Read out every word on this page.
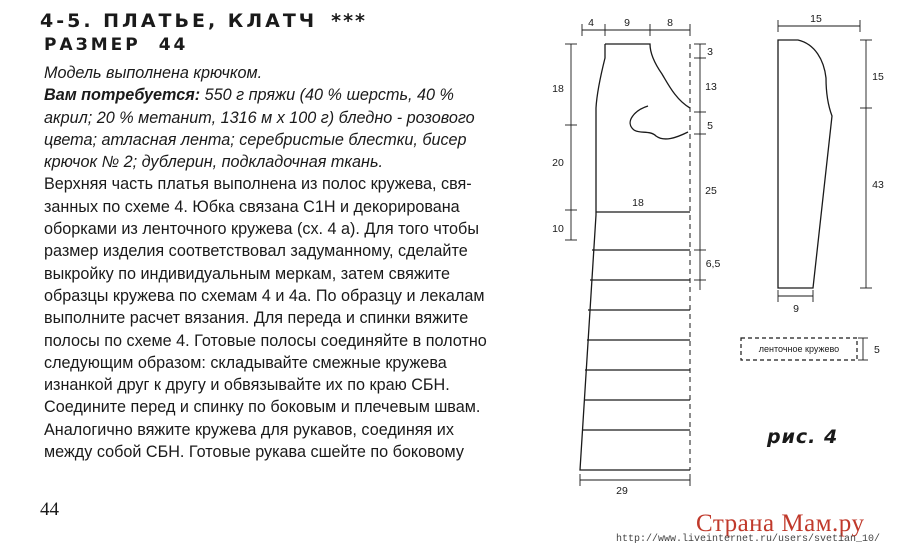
4-5. ПЛАТЬЕ, КЛАТЧ ***
РАЗМЕР 44
Модель выполнена крючком.
Вам потребуется: 550 г пряжи (40 % шерсть, 40 %
акрил; 20 % метанит, 1316 м х 100 г) бледно - розового
цвета; атласная лента; серебристые блестки, бисер
крючок № 2; дублерин, подкладочная ткань.
Верхняя часть платья выполнена из полос кружева, свя-
занных по схеме 4. Юбка связана С1Н и декорирована
оборками из ленточного кружева (сх. 4 а). Для того чтобы
размер изделия соответствовал задуманному, сделайте
выкройку по индивидуальным меркам, затем свяжите
образцы кружева по схемам 4 и 4а. По образцу и лекалам
выполните расчет вязания. Для переда и спинки вяжите
полосы по схеме 4. Готовые полосы соединяйте в полотно
следующим образом: складывайте смежные кружева
изнанкой друг к другу и обвязывайте их по краю СБН.
Соедините перед и спинку по боковым и плечевым швам.
Аналогично вяжите кружева для рукавов, соединяя их
между собой СБН. Готовые рукава сшейте по боковому
44
4	9	8
18
20
10
3
13
5
25
6,5
18
29
15
15
43
9
ленточное кружево	5
рис. 4
Страна Мам.ру
http://www.liveinternet.ru/users/svetian_10/
